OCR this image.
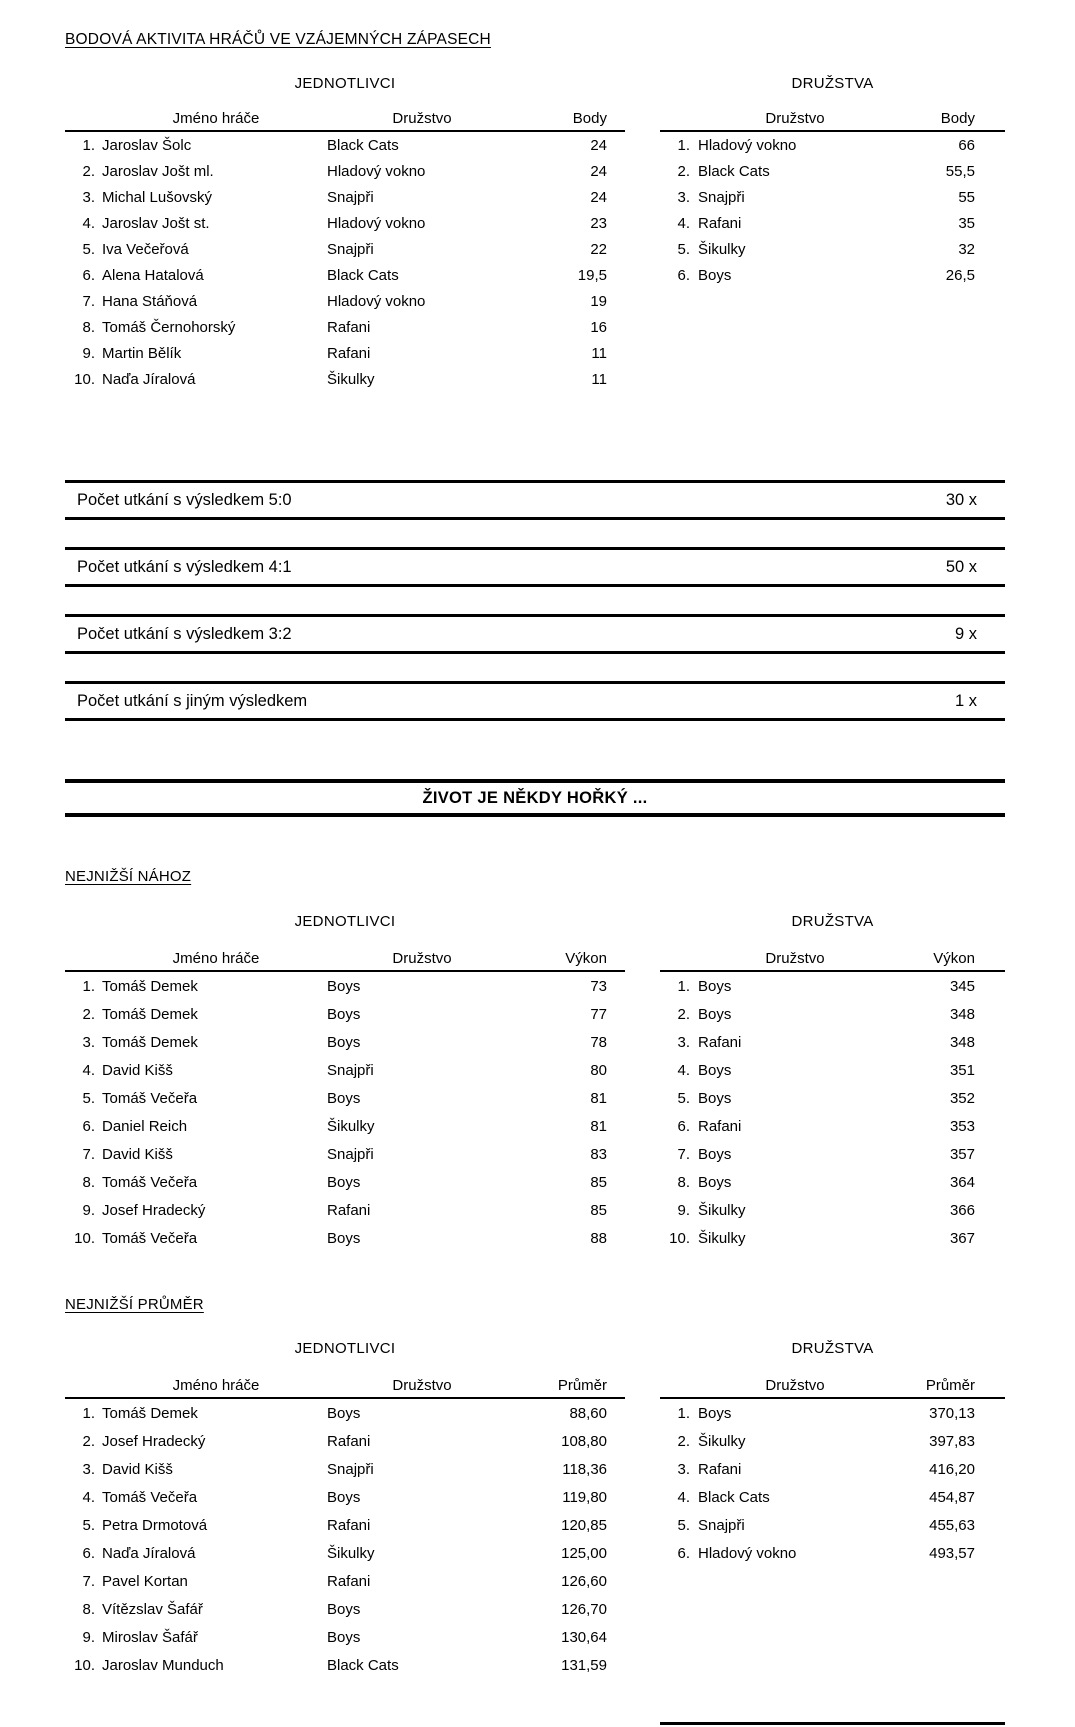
BODOVÁ AKTIVITA HRÁČŮ VE VZÁJEMNÝCH ZÁPASECH
JEDNOTLIVCI
Jméno hráče	Družstvo	Body
1. Jaroslav Šolc	Black Cats	24
2. Jaroslav Jošt ml.	Hladový vokno	24
3. Michal Lušovský	Snajpři	24
4. Jaroslav Jošt st.	Hladový vokno	23
5. Iva Večeřová	Snajpři	22
6. Alena Hatalová	Black Cats	19,5
7. Hana Stáňová	Hladový vokno	19
8. Tomáš Černohorský	Rafani	16
9. Martin Bělík	Rafani	11
10. Naďa Jíralová	Šikulky	11
DRUŽSTVA
Družstvo	Body
1. Hladový vokno	66
2. Black Cats	55,5
3. Snajpři	55
4. Rafani	35
5. Šikulky	32
6. Boys	26,5
Počet utkání s výsledkem 5:0	30 x
Počet utkání s výsledkem 4:1	50 x
Počet utkání s výsledkem 3:2	9 x
Počet utkání s jiným výsledkem	1 x
ŽIVOT JE NĚKDY HOŘKÝ ...
NEJNIŽŠÍ NÁHOZ
JEDNOTLIVCI
Jméno hráče	Družstvo	Výkon
1. Tomáš Demek	Boys	73
2. Tomáš Demek	Boys	77
3. Tomáš Demek	Boys	78
4. David Kišš	Snajpři	80
5. Tomáš Večeřa	Boys	81
6. Daniel Reich	Šikulky	81
7. David Kišš	Snajpři	83
8. Tomáš Večeřa	Boys	85
9. Josef Hradecký	Rafani	85
10. Tomáš Večeřa	Boys	88
DRUŽSTVA
Družstvo	Výkon
1. Boys	345
2. Boys	348
3. Rafani	348
4. Boys	351
5. Boys	352
6. Rafani	353
7. Boys	357
8. Boys	364
9. Šikulky	366
10. Šikulky	367
NEJNIŽŠÍ PRŮMĚR
JEDNOTLIVCI
Jméno hráče	Družstvo	Průměr
1. Tomáš Demek	Boys	88,60
2. Josef Hradecký	Rafani	108,80
3. David Kišš	Snajpři	118,36
4. Tomáš Večeřa	Boys	119,80
5. Petra Drmotová	Rafani	120,85
6. Naďa Jíralová	Šikulky	125,00
7. Pavel Kortan	Rafani	126,60
8. Vítězslav Šafář	Boys	126,70
9. Miroslav Šafář	Boys	130,64
10. Jaroslav Munduch	Black Cats	131,59
DRUŽSTVA
Družstvo	Průměr
1. Boys	370,13
2. Šikulky	397,83
3. Rafani	416,20
4. Black Cats	454,87
5. Snajpři	455,63
6. Hladový vokno	493,57
